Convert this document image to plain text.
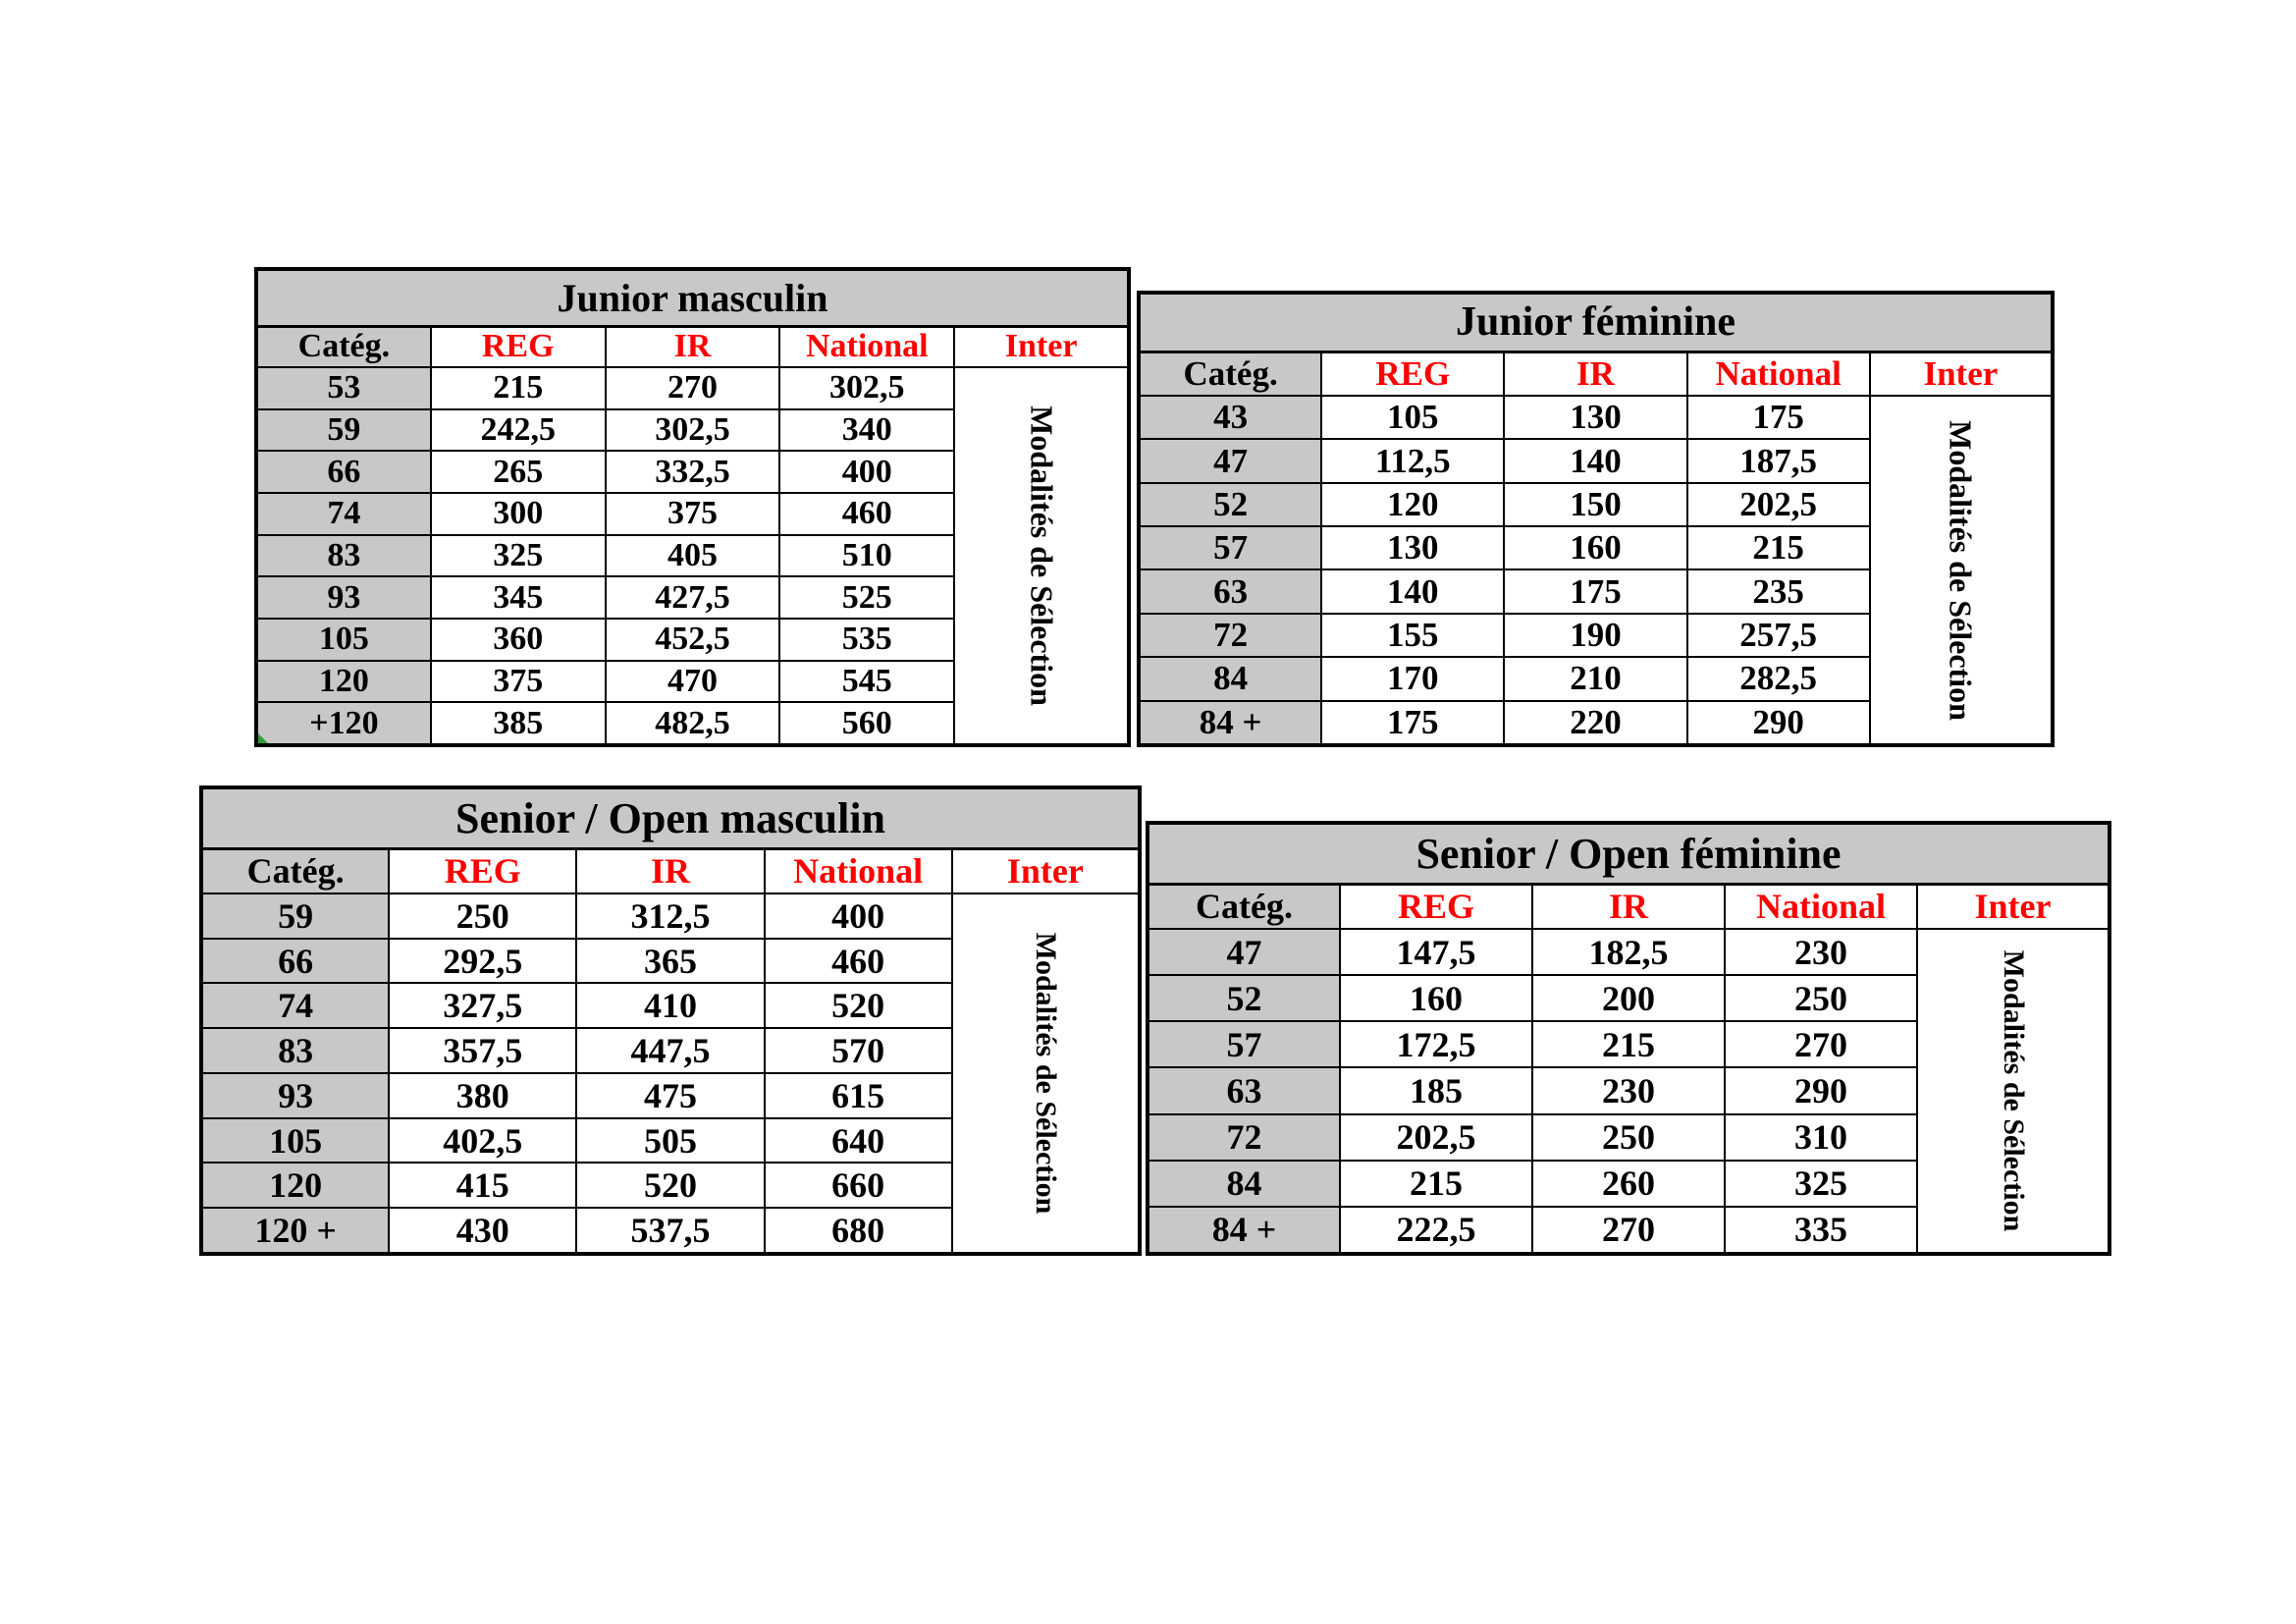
Junior masculin				
Catég.	REG	IR	National	Inter
53	215	270	302,5	Modalités de Sélection

59	242,5	302,5	340	
66	265	332,5	400	
74	300	375	460	
83	325	405	510	
93	345	427,5	525	
105	360	452,5	535	
120	375	470	545	

+120	385	482,5	560	
Junior féminine				
Catég.	REG	IR	National	Inter
43	105	130	175	Modalités de Sélection

47	112,5	140	187,5	
52	120	150	202,5	
57	130	160	215	
63	140	175	235	
72	155	190	257,5	
84	170	210	282,5	
84 +	175	220	290	
Senior / Open masculin				
Catég.	REG	IR	National	Inter
59	250	312,5	400	Modalités de Sélection

66	292,5	365	460	
74	327,5	410	520	
83	357,5	447,5	570	
93	380	475	615	
105	402,5	505	640	
120	415	520	660	
120 +	430	537,5	680	
Senior / Open féminine				
Catég.	REG	IR	National	Inter
47	147,5	182,5	230	Modalités de Sélection

52	160	200	250	
57	172,5	215	270	
63	185	230	290	
72	202,5	250	310	
84	215	260	325	
84 +	222,5	270	335	
